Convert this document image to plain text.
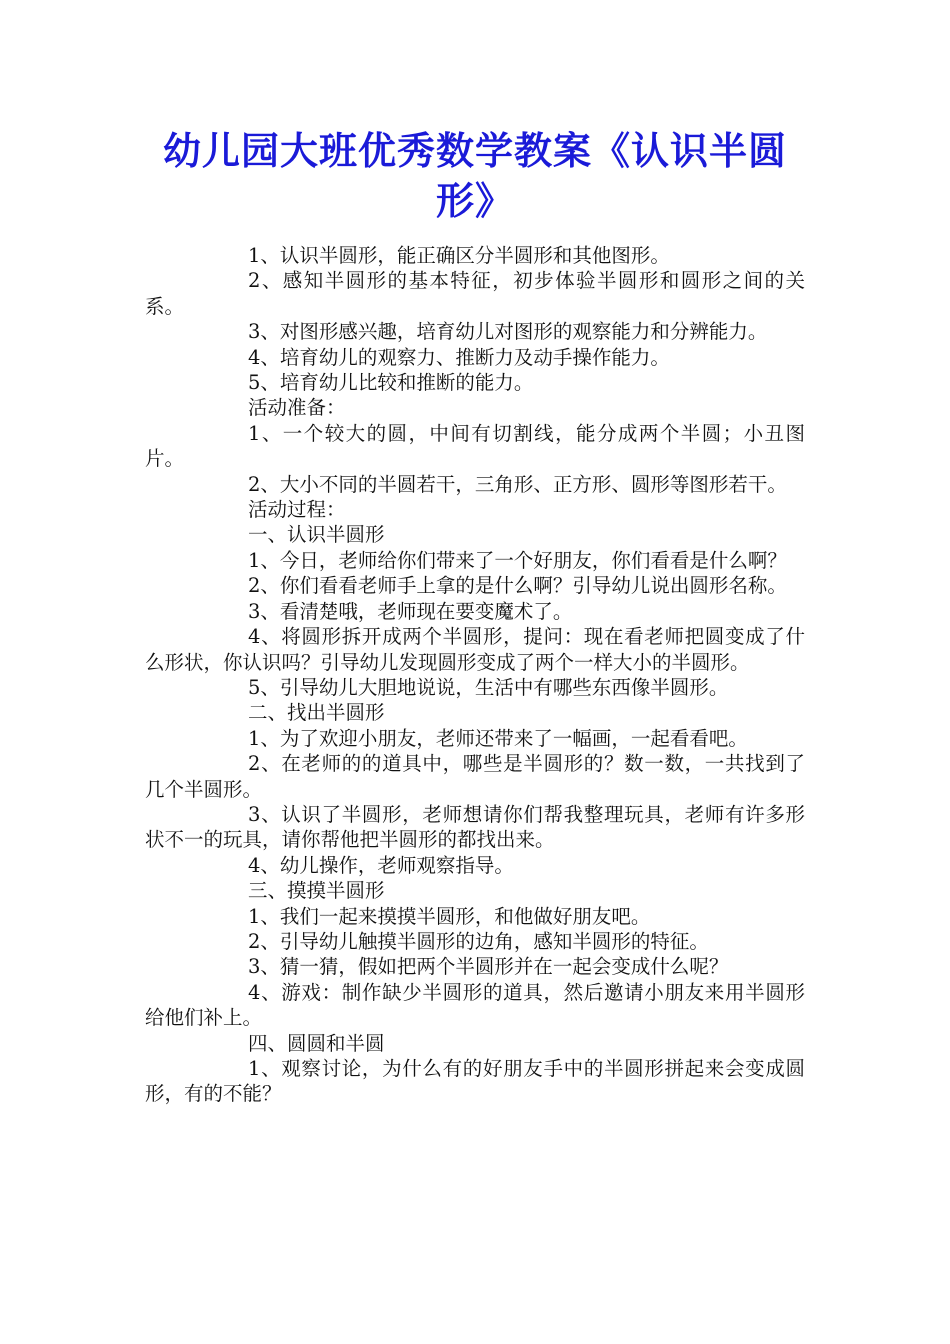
幼儿园大班优秀数学教案《认识半圆形》

1、认识半圆形，能正确区分半圆形和其他图形。

2、感知半圆形的基本特征，初步体验半圆形和圆形之间的关系。

3、对图形感兴趣，培育幼儿对图形的观察能力和分辨能力。

4、培育幼儿的观察力、推断力及动手操作能力。

5、培育幼儿比较和推断的能力。

活动准备：

1、一个较大的圆，中间有切割线，能分成两个半圆；小丑图片。

2、大小不同的半圆若干，三角形、正方形、圆形等图形若干。

活动过程：

一、认识半圆形

1、今日，老师给你们带来了一个好朋友，你们看看是什么啊？

2、你们看看老师手上拿的是什么啊？引导幼儿说出圆形名称。

3、看清楚哦，老师现在要变魔术了。

4、将圆形拆开成两个半圆形，提问：现在看老师把圆变成了什么形状，你认识吗？引导幼儿发现圆形变成了两个一样大小的半圆形。

5、引导幼儿大胆地说说，生活中有哪些东西像半圆形。

二、找出半圆形

1、为了欢迎小朋友，老师还带来了一幅画，一起看看吧。

2、在老师的的道具中，哪些是半圆形的？数一数，一共找到了几个半圆形。

3、认识了半圆形，老师想请你们帮我整理玩具，老师有许多形状不一的玩具，请你帮他把半圆形的都找出来。

4、幼儿操作，老师观察指导。

三、摸摸半圆形

1、我们一起来摸摸半圆形，和他做好朋友吧。

2、引导幼儿触摸半圆形的边角，感知半圆形的特征。

3、猜一猜，假如把两个半圆形并在一起会变成什么呢？

4、游戏：制作缺少半圆形的道具，然后邀请小朋友来用半圆形给他们补上。

四、圆圆和半圆

1、观察讨论，为什么有的好朋友手中的半圆形拼起来会变成圆形，有的不能？
